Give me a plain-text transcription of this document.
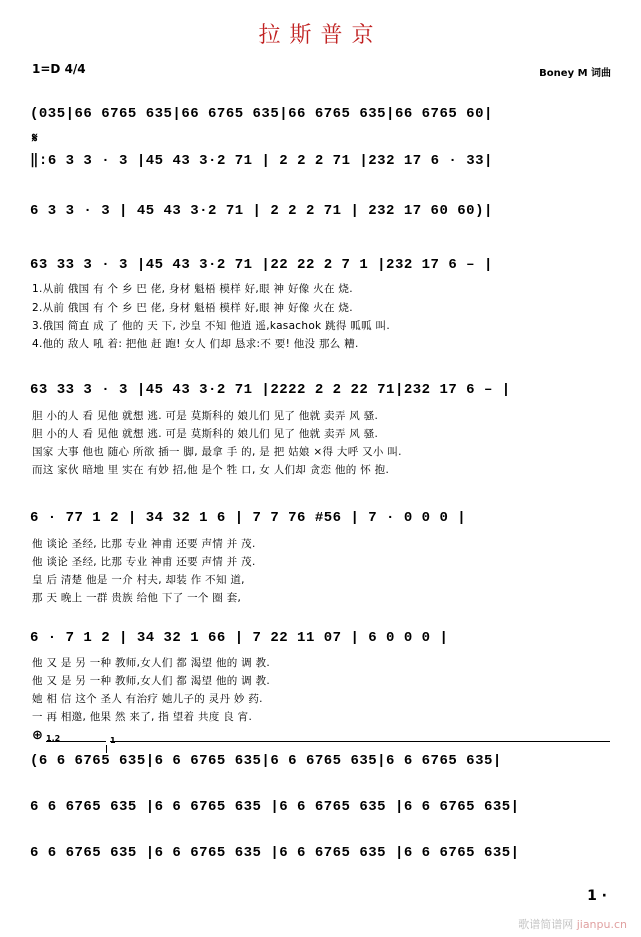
拉斯普京
1=D 4/4	Boney M 词曲
(035|66 6765 635|66 6765 635|66 6765 635|66 6765 60|
𝄋
‖:6 3 3 · 3 |45 43 3·2 71 | 2 2 2 71 |232 17 6 · 33|
6 3 3 · 3 | 45 43 3·2 71 | 2 2 2 71 | 232 17 60 60)|
63 33 3 · 3 |45 43 3·2 71 |22 22 2 7 1 |232 17 6 – |
1.从前 俄国 有 个 乡 巴 佬, 身材 魁梧 模样 好,眼 神 好像 火在 烧.
2.从前 俄国 有 个 乡 巴 佬, 身材 魁梧 模样 好,眼 神 好像 火在 烧.
3.俄国 简直 成 了 他的 天 下, 沙皇 不知 他逍 遥,kasachok 跳得 呱呱 叫.
4.他的 敌人 吼 着: 把他 赶 跑! 女人 们却 恳求:不 要! 他没 那么 糟.
63 33 3 · 3 |45 43 3·2 71 |2222 2 2 22 71|232 17 6 – |
胆 小的人 看 见他 就想 逃. 可是 莫斯科的 娘儿们 见了 他就 卖弄 风 骚.
胆 小的人 看 见他 就想 逃. 可是 莫斯科的 娘儿们 见了 他就 卖弄 风 骚.
国家 大事 他也 随心 所欲 插一 脚, 最拿 手 的, 是 把 姑娘 ×得 大呼 又小 叫.
而这 家伙 暗地 里 实在 有妙 招,他 是个 牲 口, 女 人们却 贪恋 他的 怀 抱.
6 · 77 1 2 | 34 32 1 6 | 7 7 76 #56 | 7 · 0 0 0 |
他 谈论 圣经, 比那 专业 神甫 还要 声情 并 茂.
他 谈论 圣经, 比那 专业 神甫 还要 声情 并 茂.
皇 后 清楚 他是 一介 村夫, 却装 作 不知 道,
那 天 晚上 一群 贵族 给他 下了 一个 圈 套,
6 · 7 1 2 | 34 32 1 66 | 7 22 11 07 | 6 0 0 0 |
他 又 是 另 一种 教师,女人们 都 渴望 他的 调 教.
他 又 是 另 一种 教师,女人们 都 渴望 他的 调 教.
她 相 信 这个 圣人 有治疗 她儿子的 灵丹 妙 药.
一 再 相邀, 他果 然 来了, 指 望着 共度 良 宵.
⊕ 1.2	1
(6 6 6765 635|6 6 6765 635|6 6 6765 635|6 6 6765 635|
6 6 6765 635 |6 6 6765 635 |6 6 6765 635 |6 6 6765 635|
6 6 6765 635 |6 6 6765 635 |6 6 6765 635 |6 6 6765 635|
1 ·
歌谱简谱网 jianpu.cn
